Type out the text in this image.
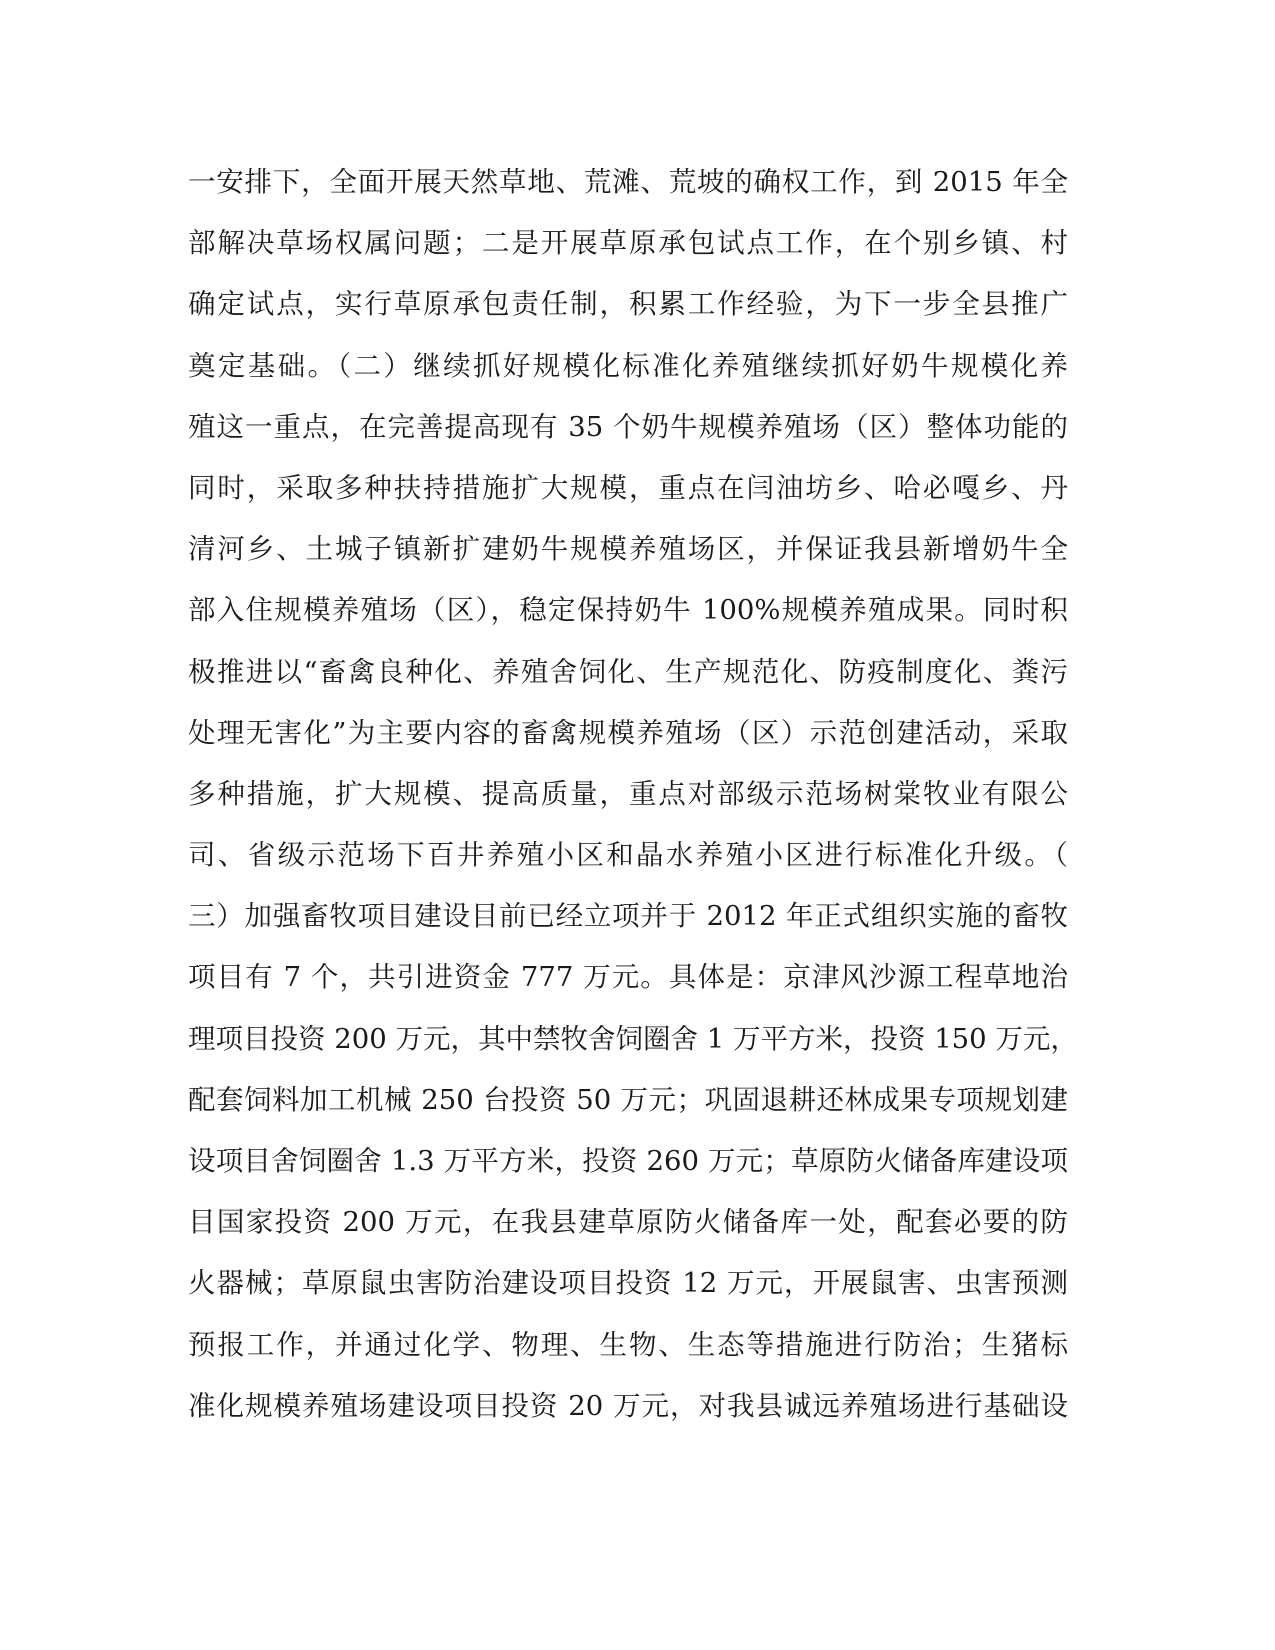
一安排下，全面开展天然草地、荒滩、荒坡的确权工作，到 2015 年全
部解决草场权属问题；二是开展草原承包试点工作，在个别乡镇、村
确定试点，实行草原承包责任制，积累工作经验，为下一步全县推广
奠定基础。（二）继续抓好规模化标准化养殖继续抓好奶牛规模化养
殖这一重点，在完善提高现有 35 个奶牛规模养殖场（区）整体功能的
同时，采取多种扶持措施扩大规模，重点在闫油坊乡、哈必嘎乡、丹
清河乡、土城子镇新扩建奶牛规模养殖场区，并保证我县新增奶牛全
部入住规模养殖场（区），稳定保持奶牛 100%规模养殖成果。同时积
极推进以“畜禽良种化、养殖舍饲化、生产规范化、防疫制度化、粪污
处理无害化”为主要内容的畜禽规模养殖场（区）示范创建活动，采取
多种措施，扩大规模、提高质量，重点对部级示范场树棠牧业有限公
司、省级示范场下百井养殖小区和晶水养殖小区进行标准化升级。（
三）加强畜牧项目建设目前已经立项并于 2012 年正式组织实施的畜牧
项目有 7 个，共引进资金 777 万元。具体是：京津风沙源工程草地治
理项目投资 200 万元，其中禁牧舍饲圈舍 1 万平方米，投资 150 万元，
配套饲料加工机械 250 台投资 50 万元；巩固退耕还林成果专项规划建
设项目舍饲圈舍 1.3 万平方米，投资 260 万元；草原防火储备库建设项
目国家投资 200 万元，在我县建草原防火储备库一处，配套必要的防
火器械；草原鼠虫害防治建设项目投资 12 万元，开展鼠害、虫害预测
预报工作，并通过化学、物理、生物、生态等措施进行防治；生猪标
准化规模养殖场建设项目投资 20 万元，对我县诚远养殖场进行基础设
